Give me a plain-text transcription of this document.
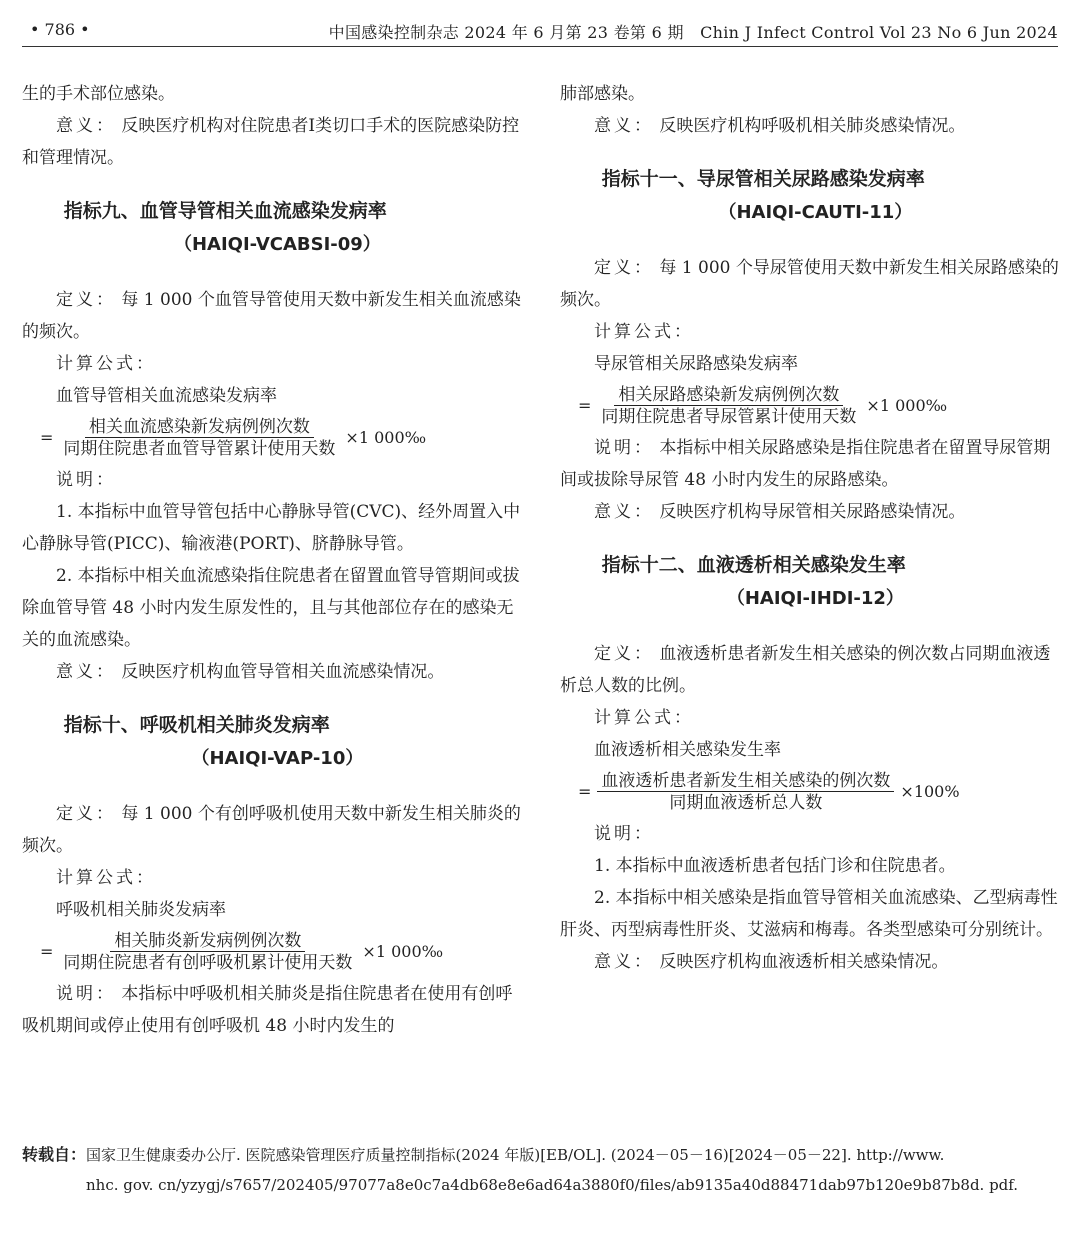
• 786 •	中国感染控制杂志 2024 年 6 月第 23 卷第 6 期　Chin J Infect Control Vol 23 No 6 Jun 2024

生的手术部位感染。

意义： 反映医疗机构对住院患者Ⅰ类切口手术的医院感染防控和管理情况。

指标九、血管导管相关血流感染发病率

（HAIQI-VCABSI-09）

定义： 每 1 000 个血管导管使用天数中新发生相关血流感染的频次。

计算公式：

血管导管相关血流感染发病率

= $\frac{\text{相关血流感染新发病例例次数}}{\text{同期住院患者血管导管累计使用天数}} \times 1$ 000‰

说明：

1. 本指标中血管导管包括中心静脉导管(CVC)、经外周置入中心静脉导管(PICC)、输液港(PORT)、脐静脉导管。

2. 本指标中相关血流感染指住院患者在留置血管导管期间或拔除血管导管 48 小时内发生原发性的，且与其他部位存在的感染无关的血流感染。

意义： 反映医疗机构血管导管相关血流感染情况。

指标十、呼吸机相关肺炎发病率

（HAIQI-VAP-10）

定义： 每 1 000 个有创呼吸机使用天数中新发生相关肺炎的频次。

计算公式：

呼吸机相关肺炎发病率

= $\frac{\text{相关肺炎新发病例例次数}}{\text{同期住院患者有创呼吸机累计使用天数}} \times 1$ 000‰

说明： 本指标中呼吸机相关肺炎是指住院患者在使用有创呼吸机期间或停止使用有创呼吸机 48 小时内发生的

肺部感染。

意义： 反映医疗机构呼吸机相关肺炎感染情况。

指标十一、导尿管相关尿路感染发病率

（HAIQI-CAUTI-11）

定义： 每 1 000 个导尿管使用天数中新发生相关尿路感染的频次。

计算公式：

导尿管相关尿路感染发病率

= $\frac{\text{相关尿路感染新发病例例次数}}{\text{同期住院患者导尿管累计使用天数}} \times 1$ 000‰

说明： 本指标中相关尿路感染是指住院患者在留置导尿管期间或拔除导尿管 48 小时内发生的尿路感染。

意义： 反映医疗机构导尿管相关尿路感染情况。

指标十二、血液透析相关感染发生率

（HAIQI-IHDI-12）

定义： 血液透析患者新发生相关感染的例次数占同期血液透析总人数的比例。

计算公式：

血液透析相关感染发生率

= $\frac{\text{血液透析患者新发生相关感染的例次数}}{\text{同期血液透析总人数}} \times 100\%$

说明：

1. 本指标中血液透析患者包括门诊和住院患者。

2. 本指标中相关感染是指血管导管相关血流感染、乙型病毒性肝炎、丙型病毒性肝炎、艾滋病和梅毒。各类型感染可分别统计。

意义： 反映医疗机构血液透析相关感染情况。

转载自：国家卫生健康委办公厅. 医院感染管理医疗质量控制指标(2024 年版)[EB/OL]. (2024－05－16)[2024－05－22]. http://www.
nhc. gov. cn/yzygj/s7657/202405/97077a8e0c7a4db68e8e6ad64a3880f0/files/ab9135a40d88471dab97b120e9b87b8d. pdf.
